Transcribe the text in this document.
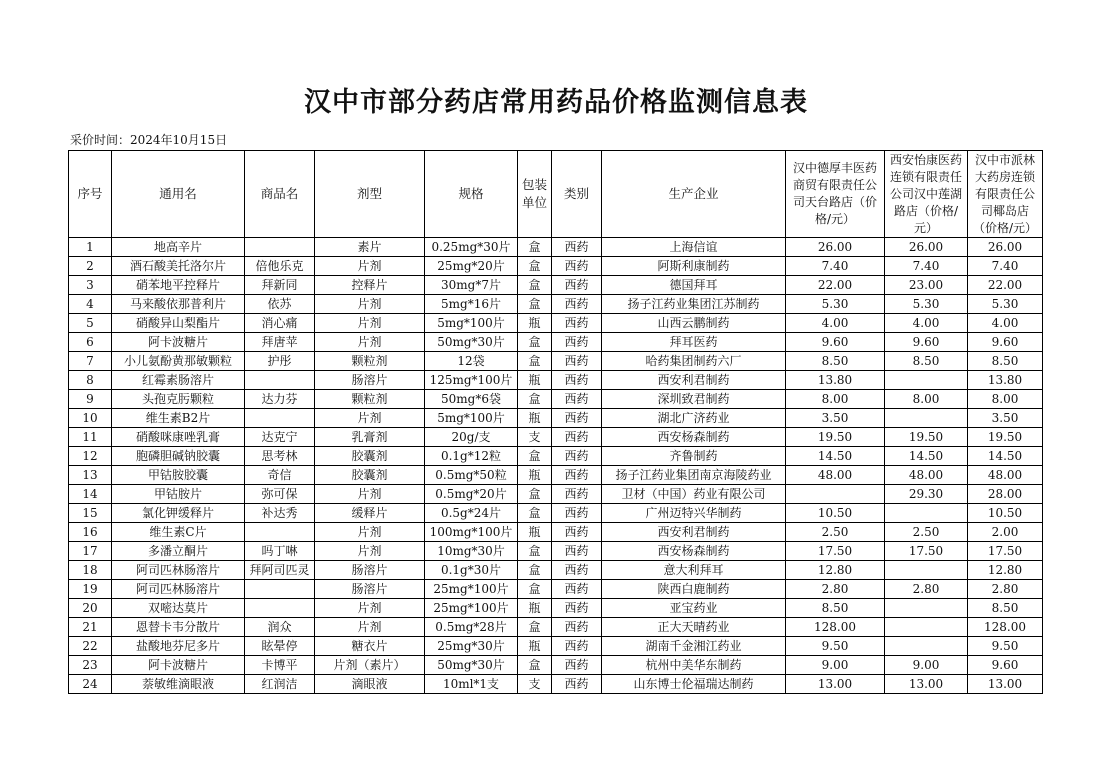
汉中市部分药店常用药品价格监测信息表
采价时间：2024年10月15日
序号	通用名	商品名	剂型	规格	包装单位	类别	生产企业	汉中德厚丰医药商贸有限责任公司天台路店（价格/元）	西安怡康医药连锁有限责任公司汉中莲湖路店（价格/元）	汉中市派林大药房连锁有限责任公司椰岛店（价格/元）
1	地高辛片		素片	0.25mg*30片	盒	西药	上海信谊	26.00	26.00	26.00
2	酒石酸美托洛尔片	倍他乐克	片剂	25mg*20片	盒	西药	阿斯利康制药	7.40	7.40	7.40
3	硝苯地平控释片	拜新同	控释片	30mg*7片	盒	西药	德国拜耳	22.00	23.00	22.00
4	马来酸依那普利片	依苏	片剂	5mg*16片	盒	西药	扬子江药业集团江苏制药	5.30	5.30	5.30
5	硝酸异山梨酯片	消心痛	片剂	5mg*100片	瓶	西药	山西云鹏制药	4.00	4.00	4.00
6	阿卡波糖片	拜唐苹	片剂	50mg*30片	盒	西药	拜耳医药	9.60	9.60	9.60
7	小儿氨酚黄那敏颗粒	护彤	颗粒剂	12袋	盒	西药	哈药集团制药六厂	8.50	8.50	8.50
8	红霉素肠溶片		肠溶片	125mg*100片	瓶	西药	西安利君制药	13.80		13.80
9	头孢克肟颗粒	达力芬	颗粒剂	50mg*6袋	盒	西药	深圳致君制药	8.00	8.00	8.00
10	维生素B2片		片剂	5mg*100片	瓶	西药	湖北广济药业	3.50		3.50
11	硝酸咪康唑乳膏	达克宁	乳膏剂	20g/支	支	西药	西安杨森制药	19.50	19.50	19.50
12	胞磷胆碱钠胶囊	思考林	胶囊剂	0.1g*12粒	盒	西药	齐鲁制药	14.50	14.50	14.50
13	甲钴胺胶囊	奇信	胶囊剂	0.5mg*50粒	瓶	西药	扬子江药业集团南京海陵药业	48.00	48.00	48.00
14	甲钴胺片	弥可保	片剂	0.5mg*20片	盒	西药	卫材（中国）药业有限公司		29.30	28.00
15	氯化钾缓释片	补达秀	缓释片	0.5g*24片	盒	西药	广州迈特兴华制药	10.50		10.50
16	维生素C片		片剂	100mg*100片	瓶	西药	西安利君制药	2.50	2.50	2.00
17	多潘立酮片	吗丁啉	片剂	10mg*30片	盒	西药	西安杨森制药	17.50	17.50	17.50
18	阿司匹林肠溶片	拜阿司匹灵	肠溶片	0.1g*30片	盒	西药	意大利拜耳	12.80		12.80
19	阿司匹林肠溶片		肠溶片	25mg*100片	盒	西药	陕西白鹿制药	2.80	2.80	2.80
20	双嘧达莫片		片剂	25mg*100片	瓶	西药	亚宝药业	8.50		8.50
21	恩替卡韦分散片	润众	片剂	0.5mg*28片	盒	西药	正大天晴药业	128.00		128.00
22	盐酸地芬尼多片	眩晕停	糖衣片	25mg*30片	瓶	西药	湖南千金湘江药业	9.50		9.50
23	阿卡波糖片	卡博平	片剂（素片）	50mg*30片	盒	西药	杭州中美华东制药	9.00	9.00	9.60
24	萘敏维滴眼液	红润洁	滴眼液	10ml*1支	支	西药	山东博士伦福瑞达制药	13.00	13.00	13.00
